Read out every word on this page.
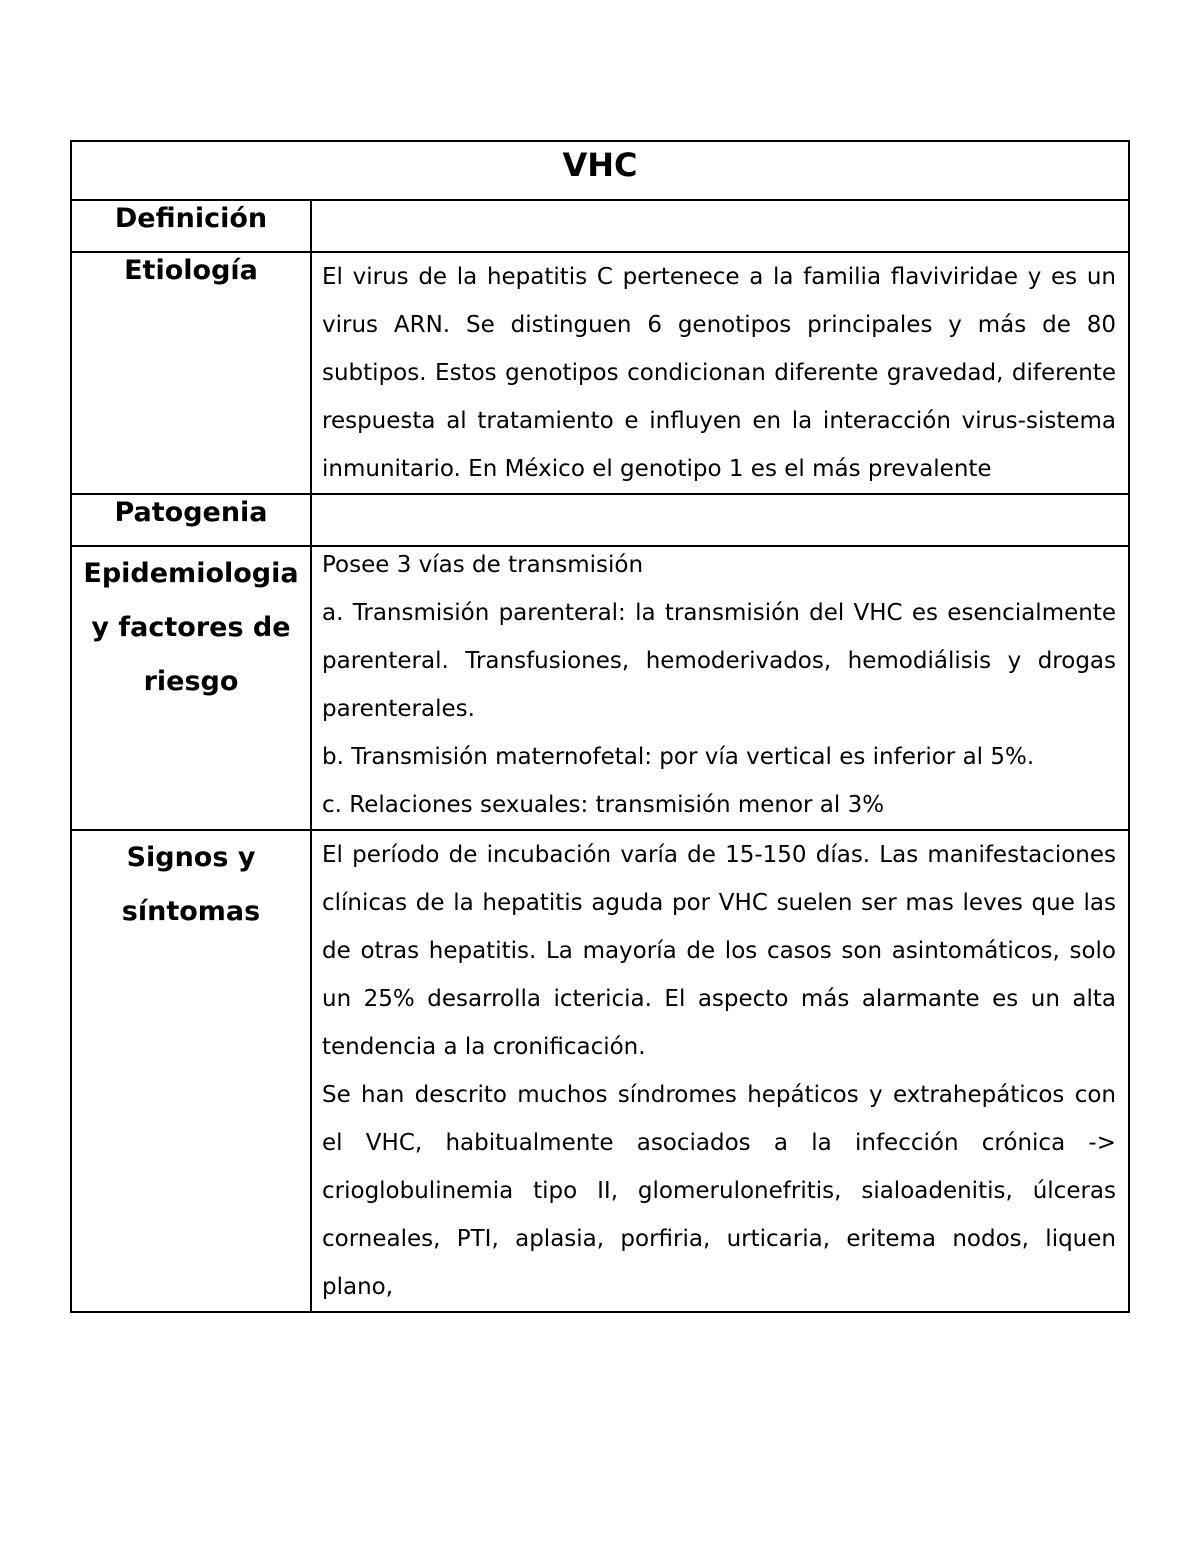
VHC	
Definición	
Etiología	El virus de la hepatitis C pertenece a la familia flaviviridae y es un virus ARN. Se distinguen 6 genotipos principales y más de 80 subtipos. Estos genotipos condicionan diferente gravedad, diferente respuesta al tratamiento e influyen en la interacción virus-sistema inmunitario. En México el genotipo 1 es el más prevalente

Patogenia	
Epidemiologia y factores de riesgo	Posee 3 vías de transmisión

a. Transmisión parenteral: la transmisión del VHC es esencialmente parenteral. Transfusiones, hemoderivados, hemodiálisis y drogas parenterales.

b. Transmisión maternofetal: por vía vertical es inferior al 5%.

c. Relaciones sexuales: transmisión menor al 3%

Signos y síntomas	El período de incubación varía de 15-150 días. Las manifestaciones clínicas de la hepatitis aguda por VHC suelen ser mas leves que las de otras hepatitis. La mayoría de los casos son asintomáticos, solo un 25% desarrolla ictericia. El aspecto más alarmante es un alta tendencia a la cronificación.

Se han descrito muchos síndromes hepáticos y extrahepáticos con el VHC, habitualmente asociados a la infección crónica -> crioglobulinemia tipo II, glomerulonefritis, sialoadenitis, úlceras corneales, PTI, aplasia, porfiria, urticaria, eritema nodos, liquen plano,
